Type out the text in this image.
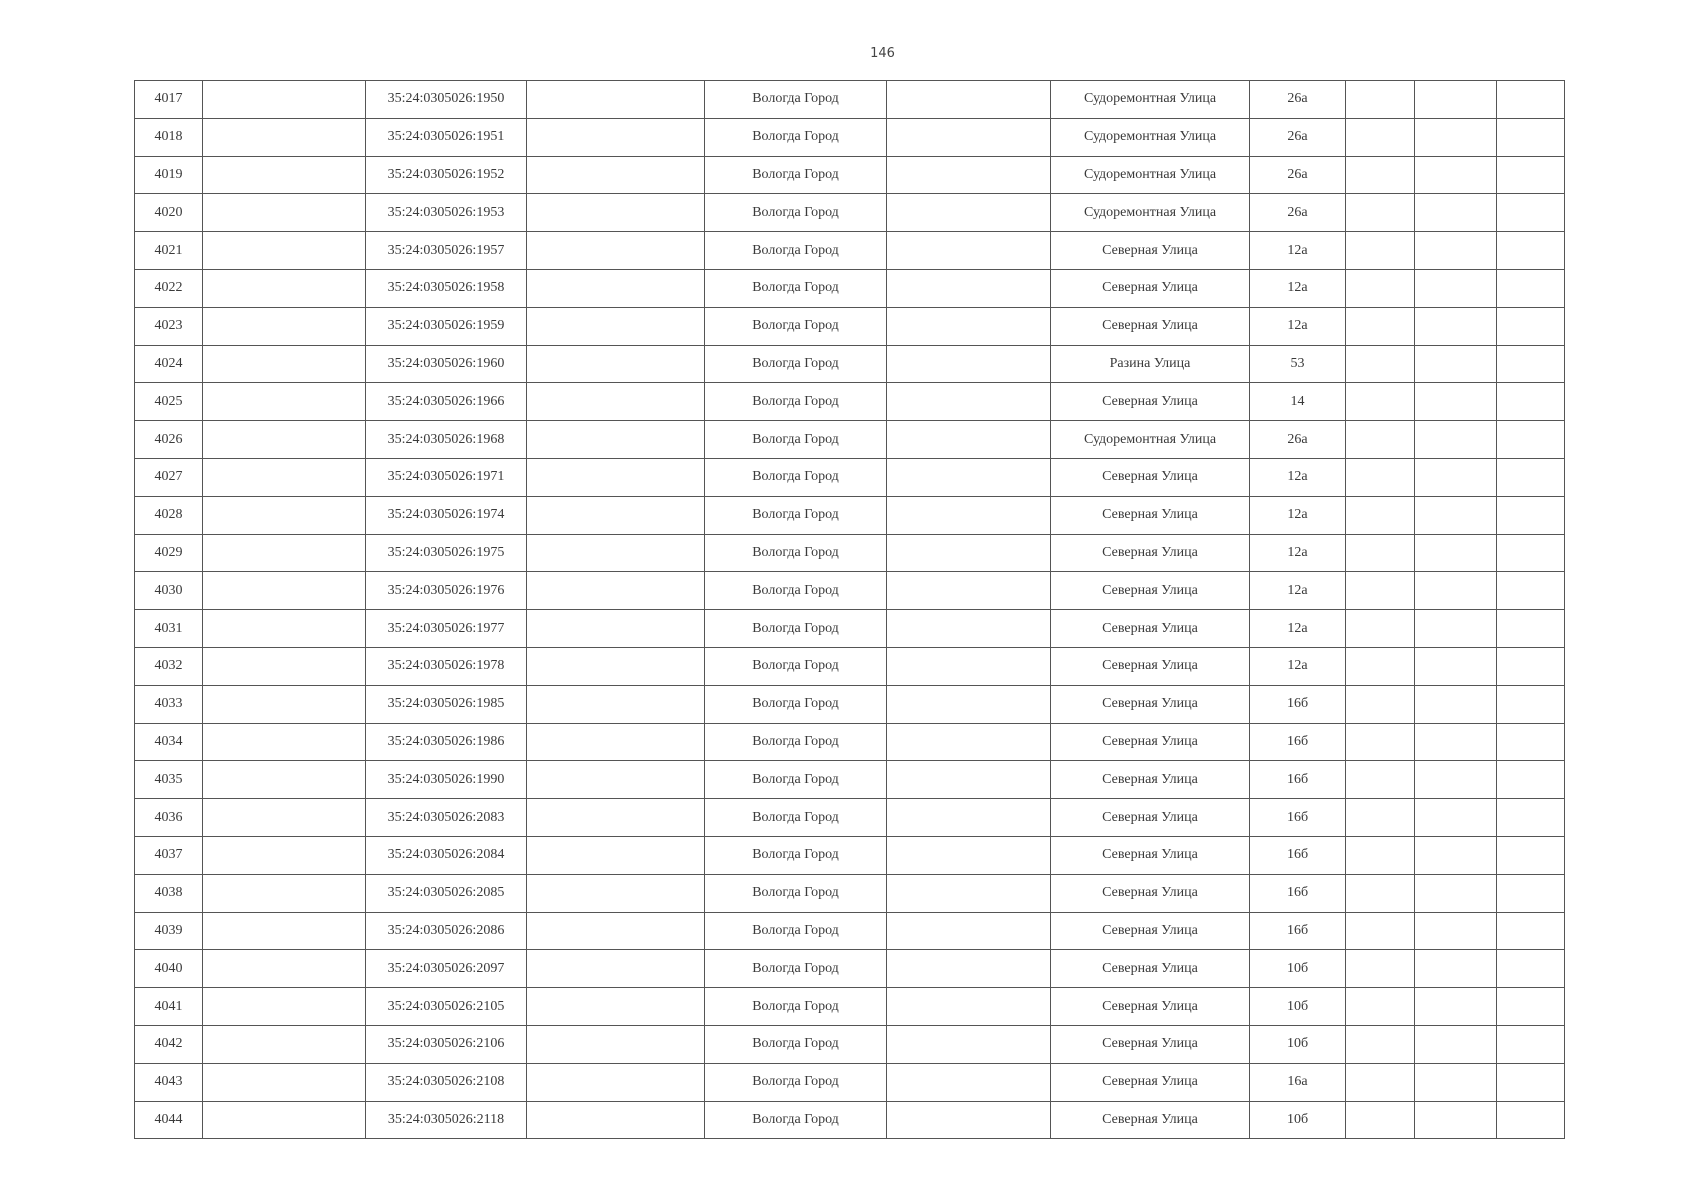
146
4017		35:24:0305026:1950		Вологда Город		Судоремонтная Улица	26а			
4018		35:24:0305026:1951		Вологда Город		Судоремонтная Улица	26а			
4019		35:24:0305026:1952		Вологда Город		Судоремонтная Улица	26а			
4020		35:24:0305026:1953		Вологда Город		Судоремонтная Улица	26а			
4021		35:24:0305026:1957		Вологда Город		Северная Улица	12а			
4022		35:24:0305026:1958		Вологда Город		Северная Улица	12а			
4023		35:24:0305026:1959		Вологда Город		Северная Улица	12а			
4024		35:24:0305026:1960		Вологда Город		Разина Улица	53			
4025		35:24:0305026:1966		Вологда Город		Северная Улица	14			
4026		35:24:0305026:1968		Вологда Город		Судоремонтная Улица	26а			
4027		35:24:0305026:1971		Вологда Город		Северная Улица	12а			
4028		35:24:0305026:1974		Вологда Город		Северная Улица	12а			
4029		35:24:0305026:1975		Вологда Город		Северная Улица	12а			
4030		35:24:0305026:1976		Вологда Город		Северная Улица	12а			
4031		35:24:0305026:1977		Вологда Город		Северная Улица	12а			
4032		35:24:0305026:1978		Вологда Город		Северная Улица	12а			
4033		35:24:0305026:1985		Вологда Город		Северная Улица	16б			
4034		35:24:0305026:1986		Вологда Город		Северная Улица	16б			
4035		35:24:0305026:1990		Вологда Город		Северная Улица	16б			
4036		35:24:0305026:2083		Вологда Город		Северная Улица	16б			
4037		35:24:0305026:2084		Вологда Город		Северная Улица	16б			
4038		35:24:0305026:2085		Вологда Город		Северная Улица	16б			
4039		35:24:0305026:2086		Вологда Город		Северная Улица	16б			
4040		35:24:0305026:2097		Вологда Город		Северная Улица	10б			
4041		35:24:0305026:2105		Вологда Город		Северная Улица	10б			
4042		35:24:0305026:2106		Вологда Город		Северная Улица	10б			
4043		35:24:0305026:2108		Вологда Город		Северная Улица	16а			
4044		35:24:0305026:2118		Вологда Город		Северная Улица	10б			
